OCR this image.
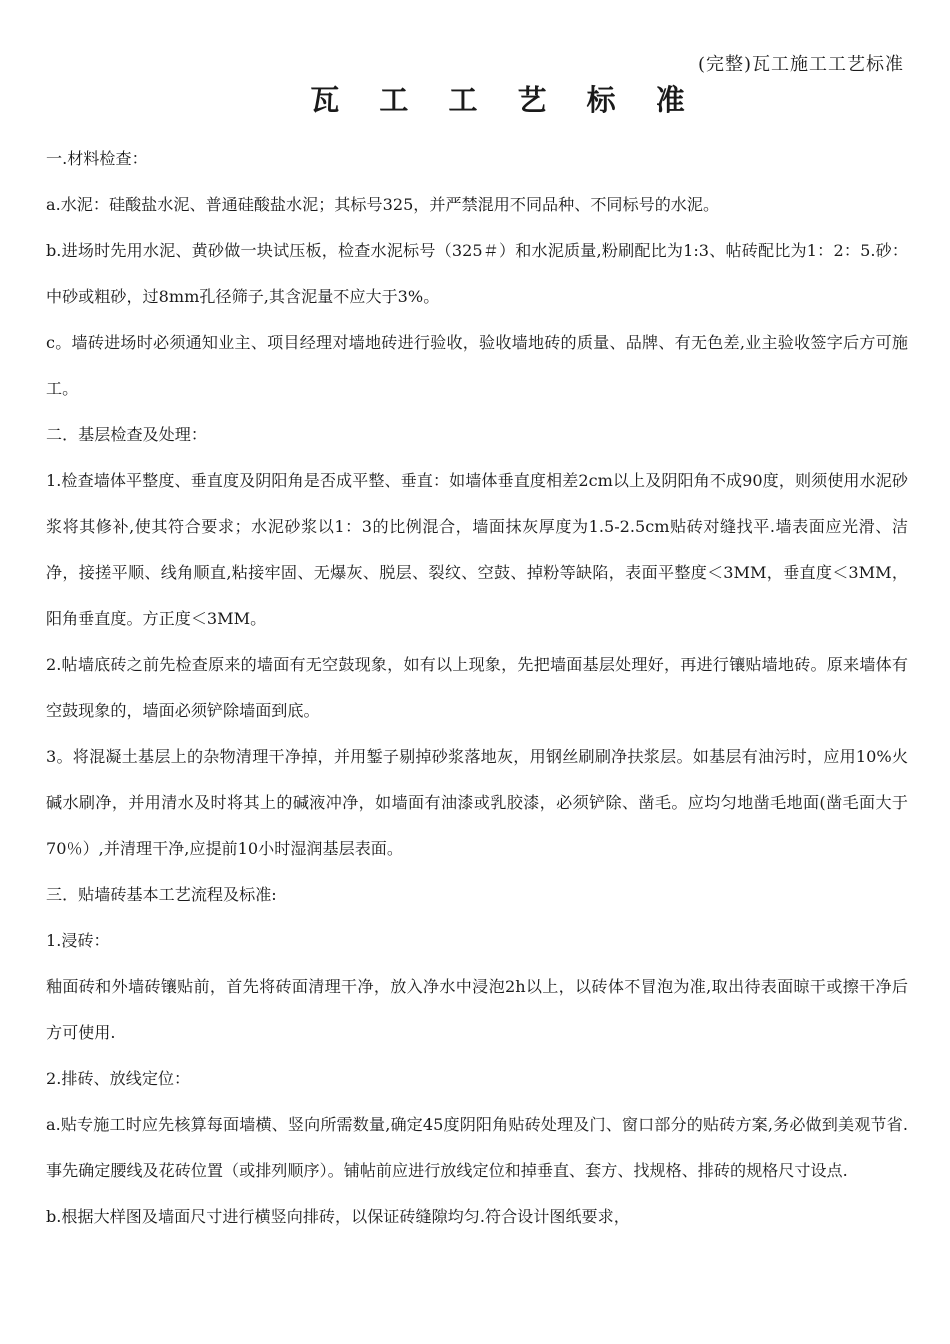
(完整)瓦工施工工艺标准
瓦 工 工 艺 标 准

一.材料检查：

a.水泥：硅酸盐水泥、普通硅酸盐水泥；其标号325，并严禁混用不同品种、不同标号的水泥。

b.进场时先用水泥、黄砂做一块试压板，检查水泥标号（325＃）和水泥质量,粉刷配比为1:3、帖砖配比为1：2：5.砂：中砂或粗砂，过8mm孔径筛子,其含泥量不应大于3%。

c。墙砖进场时必须通知业主、项目经理对墙地砖进行验收，验收墙地砖的质量、品牌、有无色差,业主验收签字后方可施工。

二．基层检查及处理：

1.检查墙体平整度、垂直度及阴阳角是否成平整、垂直：如墙体垂直度相差2cm以上及阴阳角不成90度，则须使用水泥砂浆将其修补,使其符合要求；水泥砂浆以1：3的比例混合，墙面抹灰厚度为1.5-2.5cm贴砖对缝找平.墙表面应光滑、洁净，接搓平顺、线角顺直,粘接牢固、无爆灰、脱层、裂纹、空鼓、掉粉等缺陷，表面平整度＜3MM，垂直度＜3MM，阳角垂直度。方正度＜3MM。

2.帖墙底砖之前先检查原来的墙面有无空鼓现象，如有以上现象，先把墙面基层处理好，再进行镶贴墙地砖。原来墙体有空鼓现象的，墙面必须铲除墙面到底。

3。将混凝土基层上的杂物清理干净掉，并用錾子剔掉砂浆落地灰，用钢丝刷刷净扶浆层。如基层有油污时，应用10%火碱水刷净，并用清水及时将其上的碱液冲净，如墙面有油漆或乳胶漆，必须铲除、凿毛。应均匀地凿毛地面(凿毛面大于70％）,并清理干净,应提前10小时湿润基层表面。

三．贴墙砖基本工艺流程及标准:

1.浸砖：

釉面砖和外墙砖镶贴前，首先将砖面清理干净，放入净水中浸泡2h以上，以砖体不冒泡为准,取出待表面晾干或擦干净后方可使用.

2.排砖、放线定位：

a.贴专施工时应先核算每面墙横、竖向所需数量,确定45度阴阳角贴砖处理及门、窗口部分的贴砖方案,务必做到美观节省.事先确定腰线及花砖位置（或排列顺序）。铺帖前应进行放线定位和掉垂直、套方、找规格、排砖的规格尺寸设点.

b.根据大样图及墙面尺寸进行横竖向排砖，以保证砖缝隙均匀.符合设计图纸要求，
